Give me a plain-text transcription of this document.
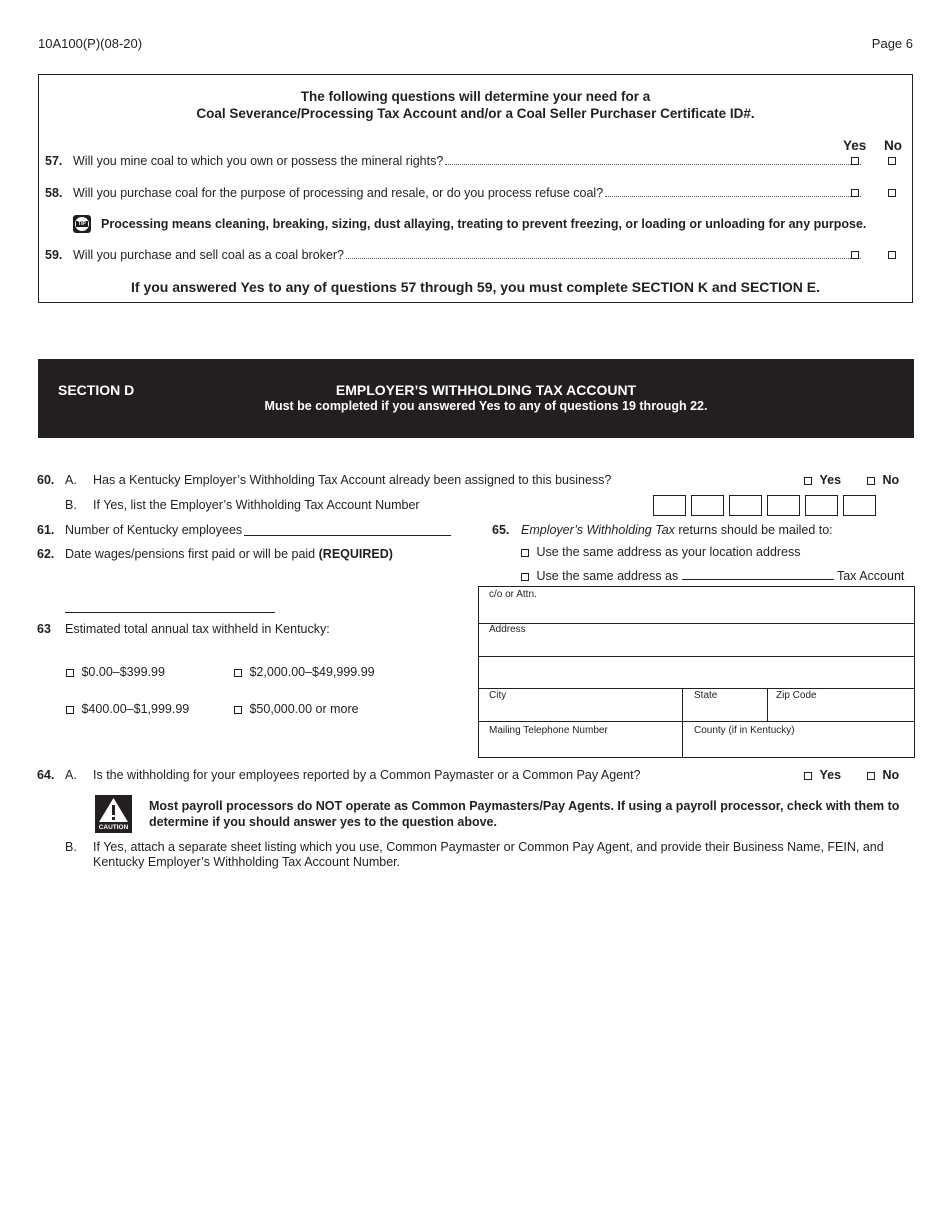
10A100(P)(08-20)	Page 6
The following questions will determine your need for a
Coal Severance/Processing Tax Account and/or a Coal Seller Purchaser Certificate ID#.
Yes No
57. Will you mine coal to which you own or possess the mineral rights?
58. Will you purchase coal for the purpose of processing and resale, or do you process refuse coal?
TIP Processing means cleaning, breaking, sizing, dust allaying, treating to prevent freezing, or loading or unloading for any purpose.
59. Will you purchase and sell coal as a coal broker?
If you answered Yes to any of questions 57 through 59, you must complete SECTION K and SECTION E.
SECTION D	EMPLOYER’S WITHHOLDING TAX ACCOUNT
Must be completed if you answered Yes to any of questions 19 through 22.
60. A. Has a Kentucky Employer’s Withholding Tax Account already been assigned to this business?	Yes	No
B. If Yes, list the Employer’s Withholding Tax Account Number
61. Number of Kentucky employees
62. Date wages/pensions first paid or will be paid (REQUIRED)
63 Estimated total annual tax withheld in Kentucky:
$0.00–$399.99	$2,000.00–$49,999.99
$400.00–$1,999.99	$50,000.00 or more
65. Employer’s Withholding Tax returns should be mailed to:
Use the same address as your location address
Use the same address as	Tax Account
c/o or Attn.
Address
City	State	Zip Code
Mailing Telephone Number	County (if in Kentucky)
64. A. Is the withholding for your employees reported by a Common Paymaster or a Common Pay Agent?	Yes	No
CAUTION
Most payroll processors do NOT operate as Common Paymasters/Pay Agents. If using a payroll processor, check with them to
determine if you should answer yes to the question above.
B. If Yes, attach a separate sheet listing which you use, Common Paymaster or Common Pay Agent, and provide their Business Name, FEIN, and
Kentucky Employer’s Withholding Tax Account Number.
